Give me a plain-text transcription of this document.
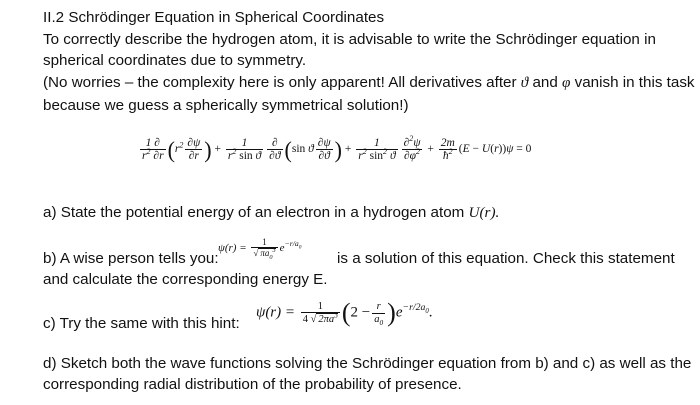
II.2 Schrödinger Equation in Spherical Coordinates
To correctly describe the hydrogen atom, it is advisable to write the Schrödinger equation in
spherical coordinates due to symmetry.
(No worries – the complexity here is only apparent! All derivatives after ϑ and φ vanish in this task
because we guess a spherically symmetrical solution!)
$\frac{1 \partial}{r^2 \partial r} (r^2 \frac{\partial\psi}{\partial r}$ ) + $\frac{1}{r^2 \sin ϑ} \frac{\partial}{\partial ϑ} (\sin$ ϑ $\frac{\partial\psi}{\partial ϑ}$ ) + $\frac{1}{r^2 \sin^2 ϑ} \frac{\partial^2\psi}{\partial\varphi^2} + \frac{2m}{ħ^2} (E - U(r))\psi = 0$
a) State the potential energy of an electron in a hydrogen atom U(r).
b) A wise person tells you:
$\psi(r) = \frac{1}{√ \pi a_0^3} e^{-r/a_0}$
is a solution of this equation. Check this statement
and calculate the corresponding energy E.
c) Try the same with this hint:
$\psi(r) = \frac{1}{4 √ 2\pi a^3} (2 - \frac{r}{a_0} )e^{-r/2a_0}$.
d) Sketch both the wave functions solving the Schrödinger equation from b) and c) as well as the
corresponding radial distribution of the probability of presence.
